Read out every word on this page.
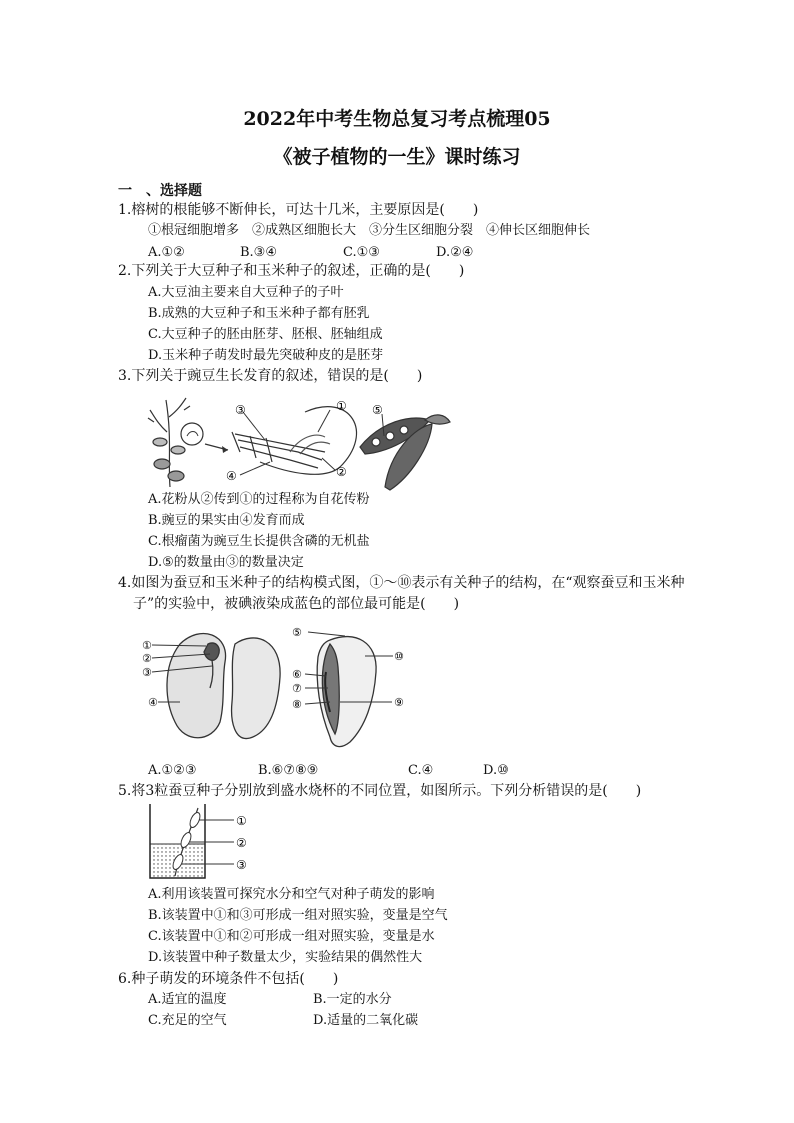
2022年中考生物总复习考点梳理05
《被子植物的一生》课时练习
一　、选择题
1.榕树的根能够不断伸长，可达十几米，主要原因是(　　)
①根冠细胞增多　②成熟区细胞长大　③分生区细胞分裂　④伸长区细胞伸长
A.①②	B.③④	C.①③	D.②④
2.下列关于大豆种子和玉米种子的叙述，正确的是(　　)
A.大豆油主要来自大豆种子的子叶
B.成熟的大豆种子和玉米种子都有胚乳
C.大豆种子的胚由胚芽、胚根、胚轴组成
D.玉米种子萌发时最先突破种皮的是胚芽
3.下列关于豌豆生长发育的叙述，错误的是(　　)
③	①
④	②
⑤
A.花粉从②传到①的过程称为自花传粉
B.豌豆的果实由④发育而成
C.根瘤菌为豌豆生长提供含磷的无机盐
D.⑤的数量由③的数量决定
4.如图为蚕豆和玉米种子的结构模式图，①～⑩表示有关种子的结构，在“观察蚕豆和玉米种
子”的实验中，被碘液染成蓝色的部位最可能是(　　)
①
②
③
④
⑤
⑥
⑦
⑧	⑨
⑩
A.①②③	B.⑥⑦⑧⑨	C.④	D.⑩
5.将3粒蚕豆种子分别放到盛水烧杯的不同位置，如图所示。下列分析错误的是(　　)
①
②
③
A.利用该装置可探究水分和空气对种子萌发的影响
B.该装置中①和③可形成一组对照实验，变量是空气
C.该装置中①和②可形成一组对照实验，变量是水
D.该装置中种子数量太少，实验结果的偶然性大
6.种子萌发的环境条件不包括(　　)
A.适宜的温度	B.一定的水分
C.充足的空气	D.适量的二氧化碳
